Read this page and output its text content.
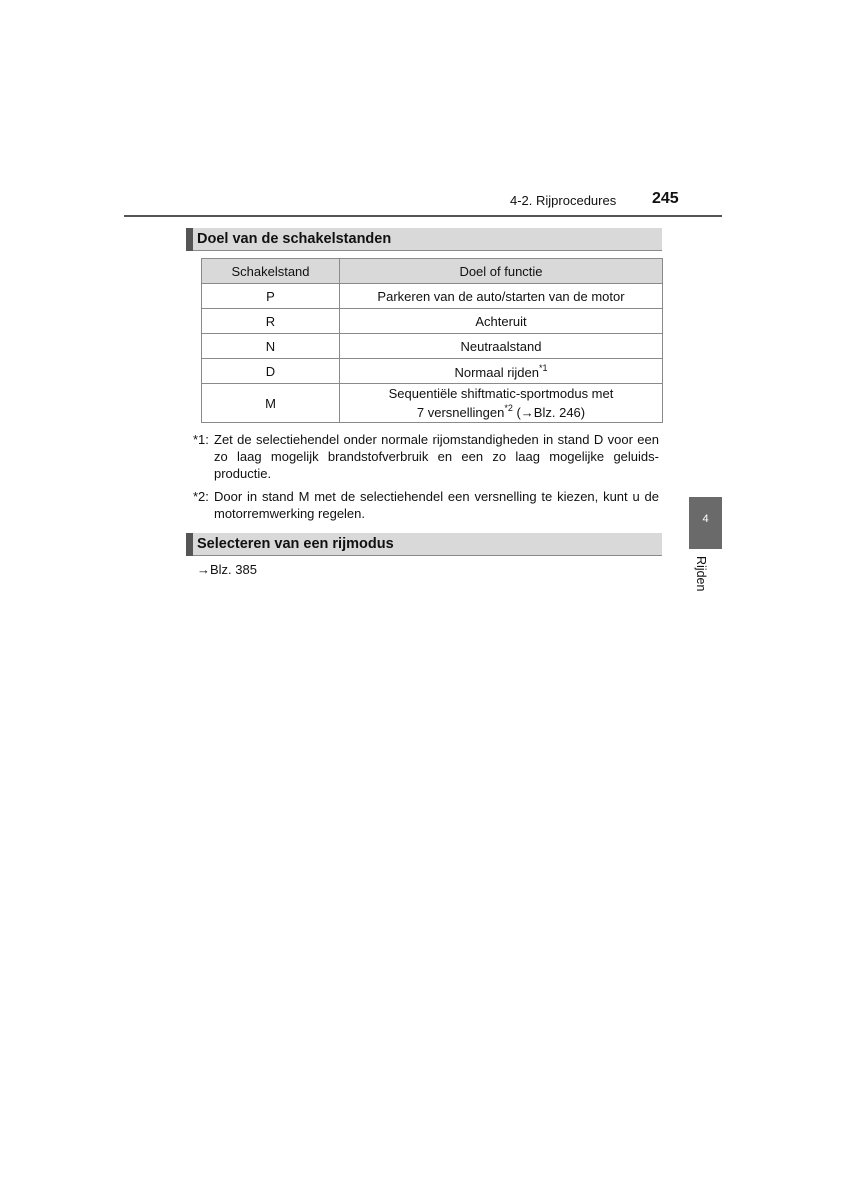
4-2. Rijprocedures 245
Doel van de schakelstanden
Schakelstand	Doel of functie
P	Parkeren van de auto/starten van de motor
R	Achteruit
N	Neutraalstand
D	Normaal rijden$^{*1}$
M	Sequentiële shiftmatic-sportmodus met
7 versnellingen$^{*2}$ (→Blz. 246)
*1: Zet de selectiehendel onder normale rijomstandigheden in stand D voor een zo laag mogelijk brandstofverbruik en een zo laag mogelijke geluidsproductie.
*2: Door in stand M met de selectiehendel een versnelling te kiezen, kunt u de motorremwerking regelen.
Selecteren van een rijmodus
→Blz. 385
4
Rijden
